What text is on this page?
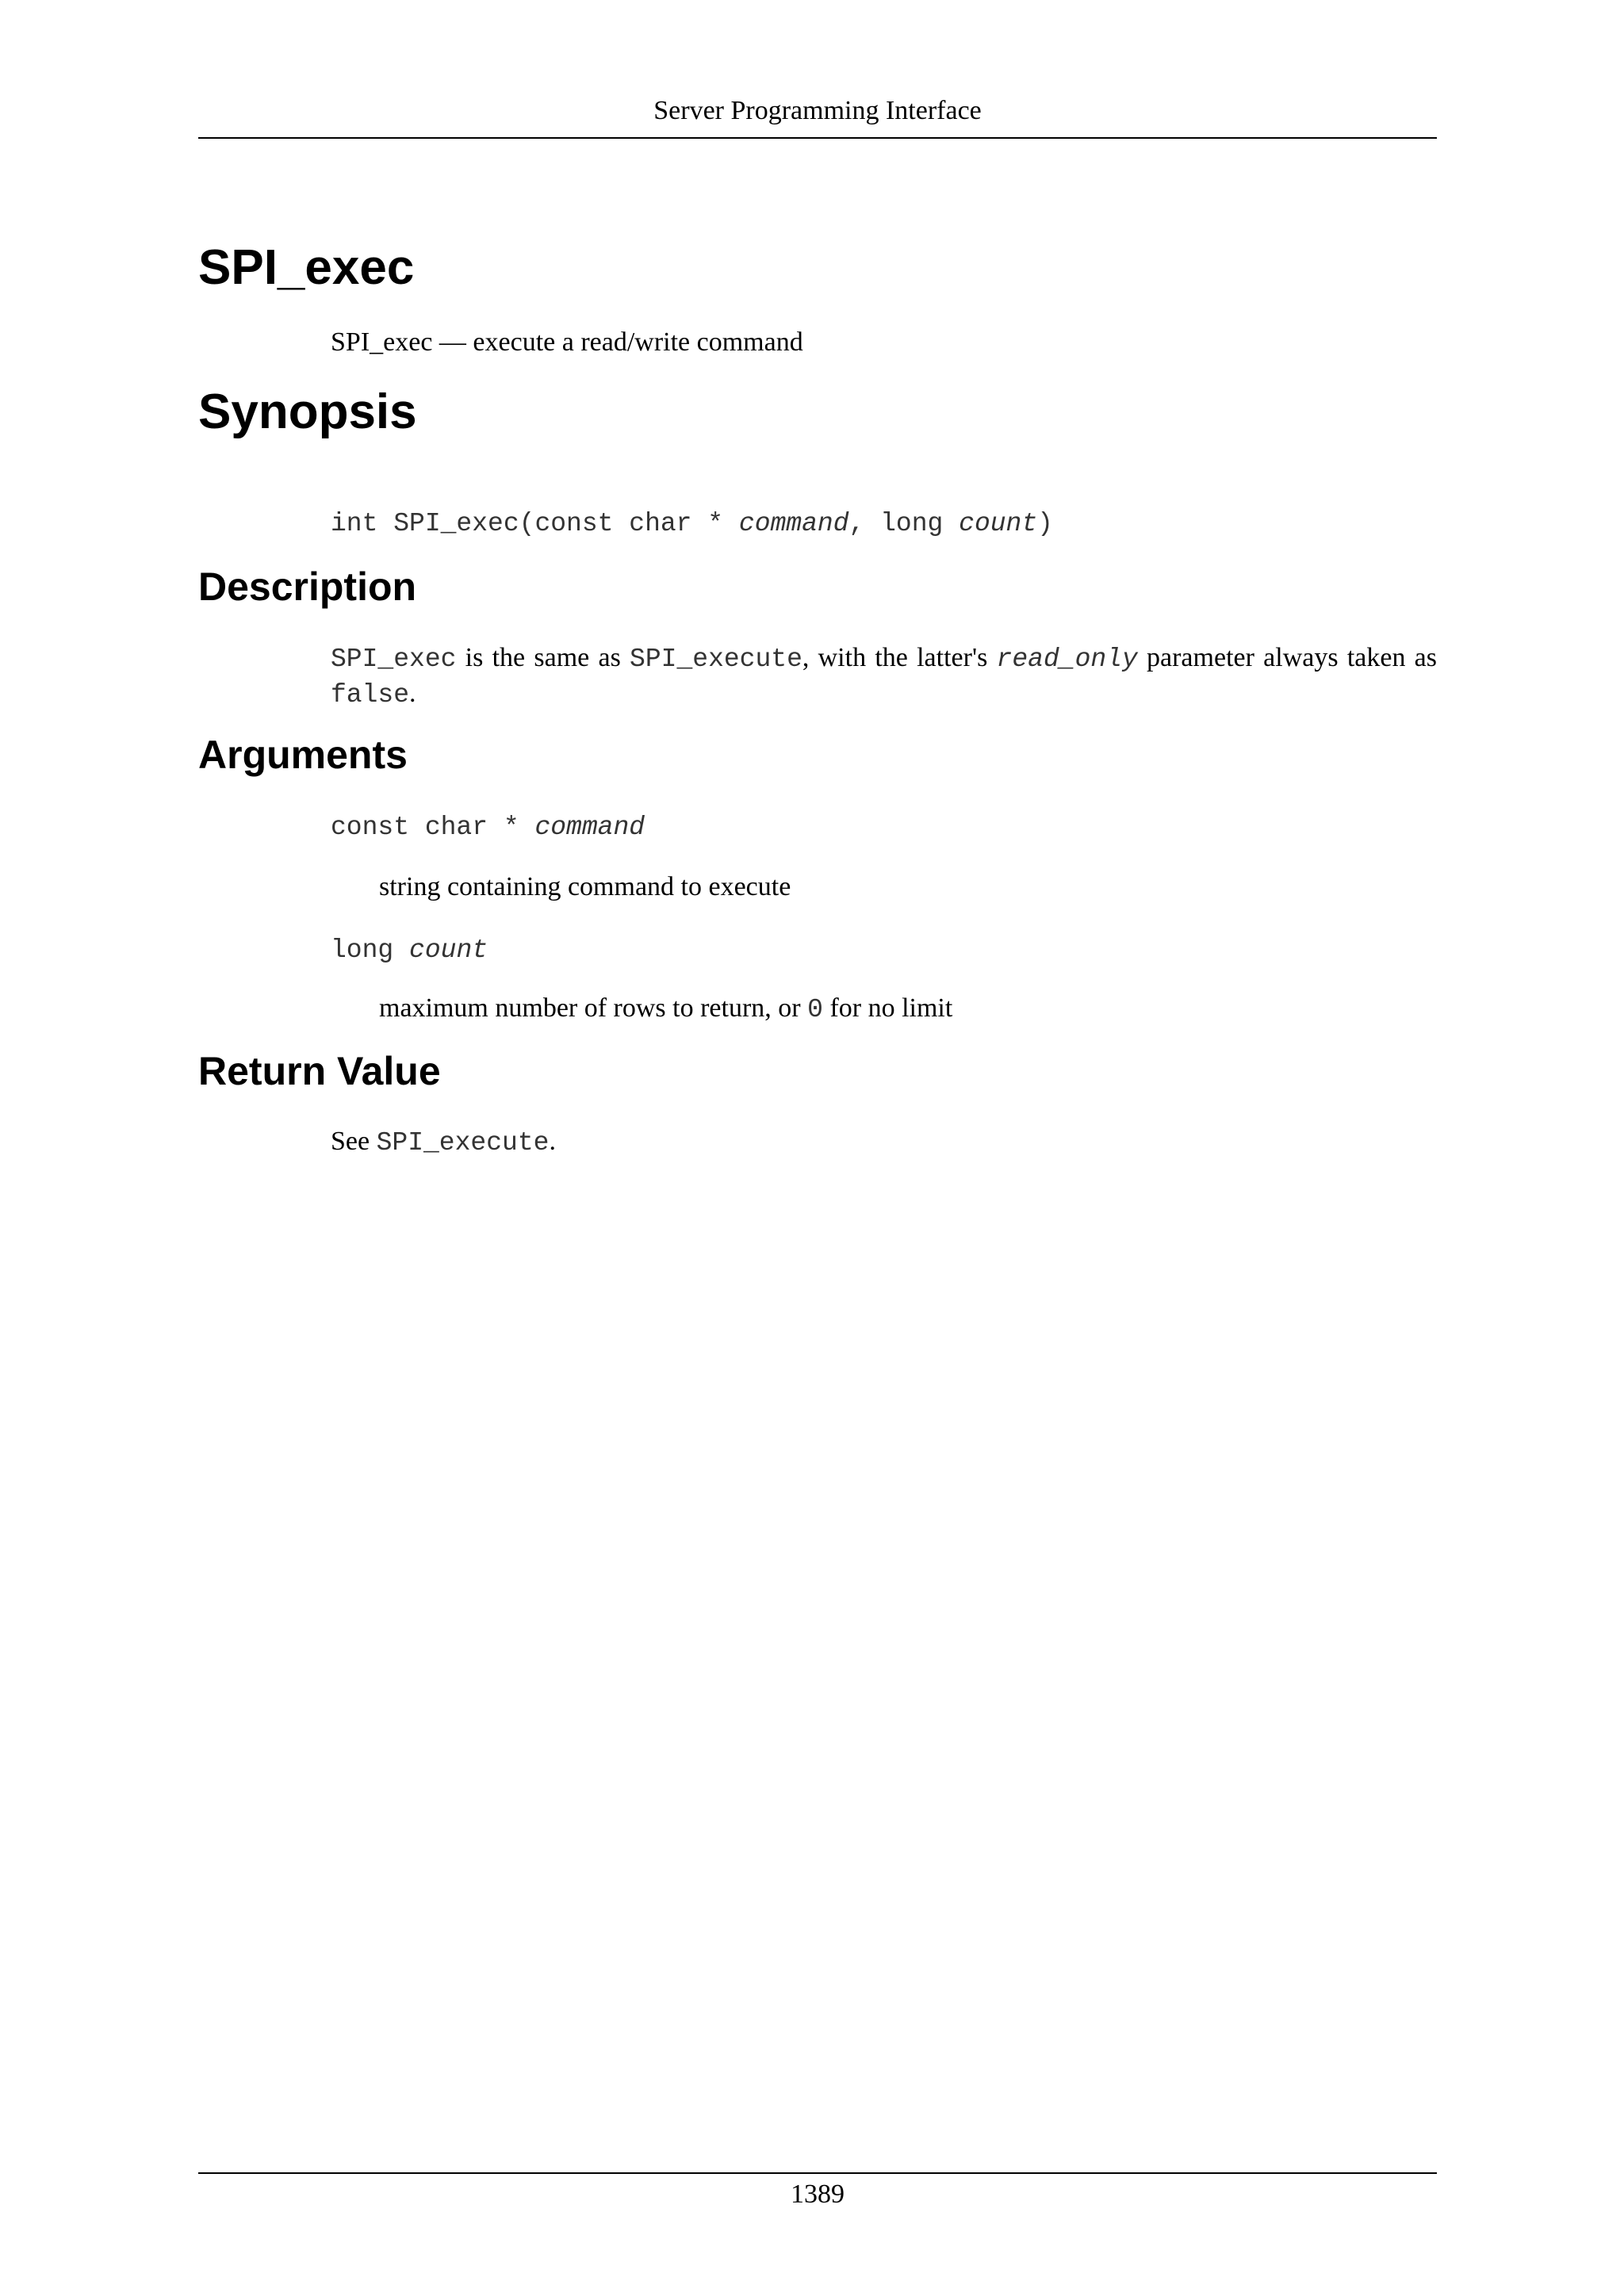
Server Programming Interface
SPI_exec
SPI_exec — execute a read/write command
Synopsis
int SPI_exec(const char * command, long count)
Description
SPI_exec is the same as SPI_execute, with the latter's read_only parameter always taken as false.
Arguments
const char * command
string containing command to execute
long count
maximum number of rows to return, or 0 for no limit
Return Value
See SPI_execute.
1389
